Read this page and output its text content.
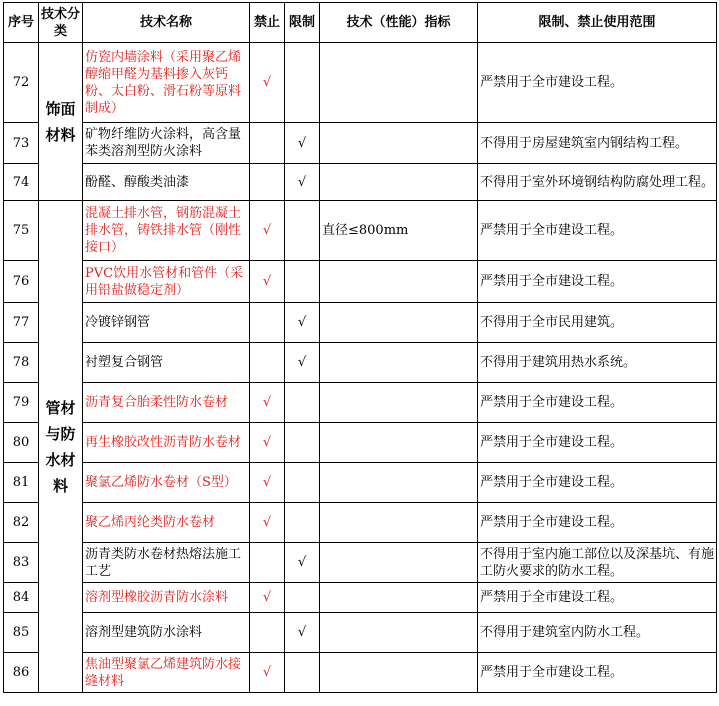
序号	技术分类	技术名称	禁止	限制	技术（性能）指标	限制、禁止使用范围
72	饰面材料	仿瓷内墙涂料（采用聚乙烯醇缩甲醛为基料掺入灰钙粉、太白粉、滑石粉等原料制成）	√			严禁用于全市建设工程。
73		矿物纤维防火涂料，高含量苯类溶剂型防火涂料		√		不得用于房屋建筑室内钢结构工程。
74		酚醛、醇酸类油漆		√		不得用于室外环境钢结构防腐处理工程。
75	管材与防水材料	混凝土排水管，钢筋混凝土排水管，铸铁排水管（刚性接口）	√		直径≤800mm	严禁用于全市建设工程。
76		PVC饮用水管材和管件（采用铅盐做稳定剂）	√			严禁用于全市建设工程。
77		冷镀锌钢管		√		不得用于全市民用建筑。
78		衬塑复合钢管		√		不得用于建筑用热水系统。
79		沥青复合胎柔性防水卷材	√			严禁用于全市建设工程。
80		再生橡胶改性沥青防水卷材	√			严禁用于全市建设工程。
81		聚氯乙烯防水卷材（S型）	√			严禁用于全市建设工程。
82		聚乙烯丙纶类防水卷材	√			严禁用于全市建设工程。
83		沥青类防水卷材热熔法施工工艺		√		不得用于室内施工部位以及深基坑、有施工防火要求的防水工程。
84		溶剂型橡胶沥青防水涂料	√			严禁用于全市建设工程。
85		溶剂型建筑防水涂料		√		不得用于建筑室内防水工程。
86		焦油型聚氯乙烯建筑防水接缝材料	√			严禁用于全市建设工程。
